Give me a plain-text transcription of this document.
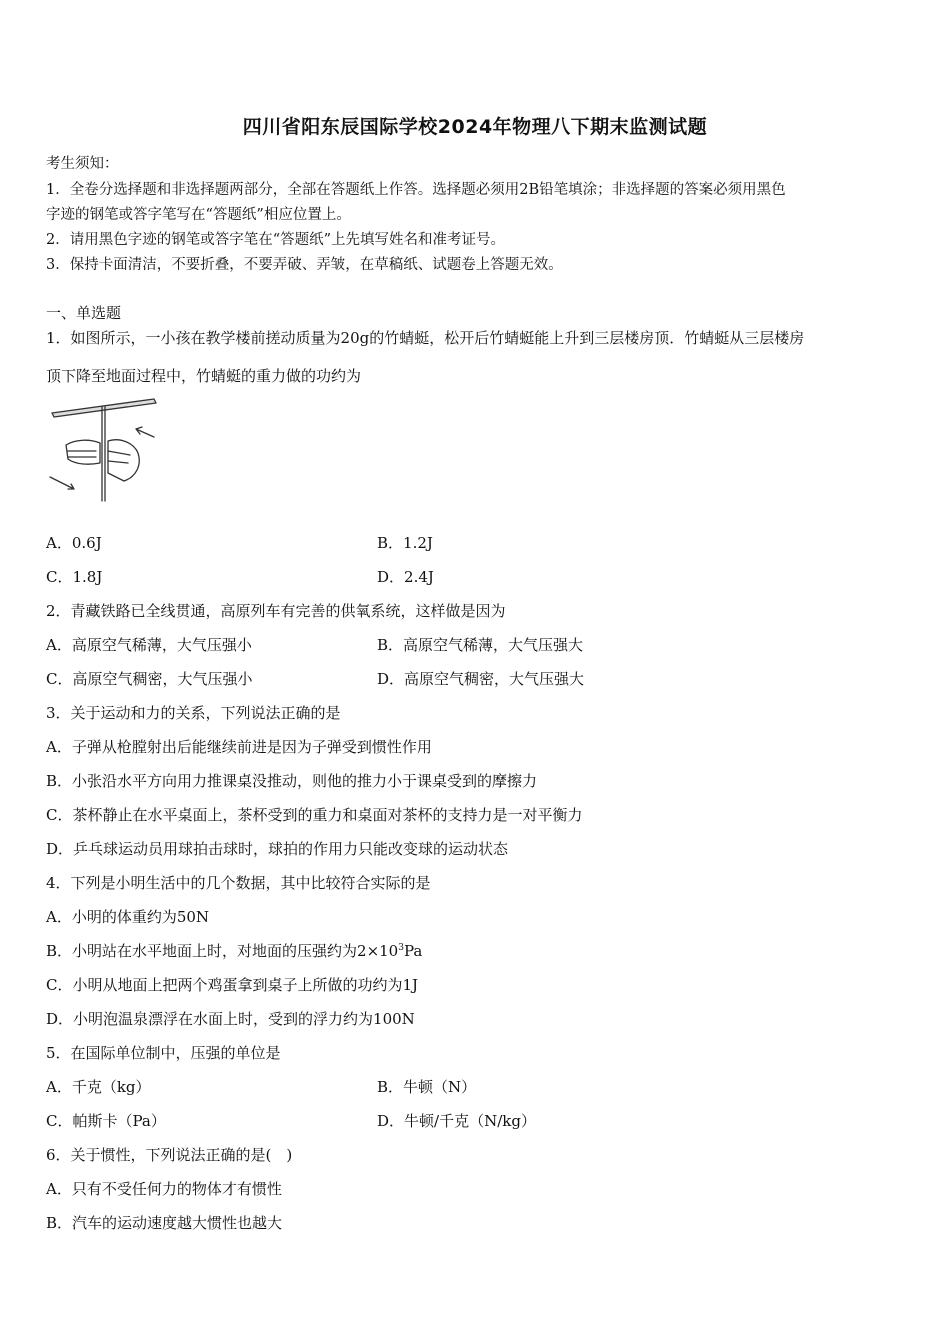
四川省阳东辰国际学校2024年物理八下期末监测试题
考生须知：
1．全卷分选择题和非选择题两部分，全部在答题纸上作答。选择题必须用2B铅笔填涂；非选择题的答案必须用黑色
字迹的钢笔或答字笔写在“答题纸”相应位置上。
2．请用黑色字迹的钢笔或答字笔在“答题纸”上先填写姓名和准考证号。
3．保持卡面清洁，不要折叠，不要弄破、弄皱，在草稿纸、试题卷上答题无效。
一、单选题
1．如图所示，一小孩在教学楼前搓动质量为20g的竹蜻蜓，松开后竹蜻蜓能上升到三层楼房顶．竹蜻蜓从三层楼房
顶下降至地面过程中，竹蜻蜓的重力做的功约为
A．0.6J	B．1.2J
C．1.8J	D．2.4J
2．青藏铁路已全线贯通，高原列车有完善的供氧系统，这样做是因为
A．高原空气稀薄，大气压强小	B．高原空气稀薄，大气压强大
C．高原空气稠密，大气压强小	D．高原空气稠密，大气压强大
3．关于运动和力的关系，下列说法正确的是
A．子弹从枪膛射出后能继续前进是因为子弹受到惯性作用
B．小张沿水平方向用力推课桌没推动，则他的推力小于课桌受到的摩擦力
C．茶杯静止在水平桌面上，茶杯受到的重力和桌面对茶杯的支持力是一对平衡力
D．乒乓球运动员用球拍击球时，球拍的作用力只能改变球的运动状态
4．下列是小明生活中的几个数据，其中比较符合实际的是
A．小明的体重约为50N
B．小明站在水平地面上时，对地面的压强约为$2\times 10^3Pa$
C．小明从地面上把两个鸡蛋拿到桌子上所做的功约为1J
D．小明泡温泉漂浮在水面上时，受到的浮力约为100N
5．在国际单位制中，压强的单位是
A．千克（kg）	B．牛顿（N）
C．帕斯卡（Pa）	D．牛顿/千克（N/kg）
6．关于惯性，下列说法正确的是(　)
A．只有不受任何力的物体才有惯性
B．汽车的运动速度越大惯性也越大
